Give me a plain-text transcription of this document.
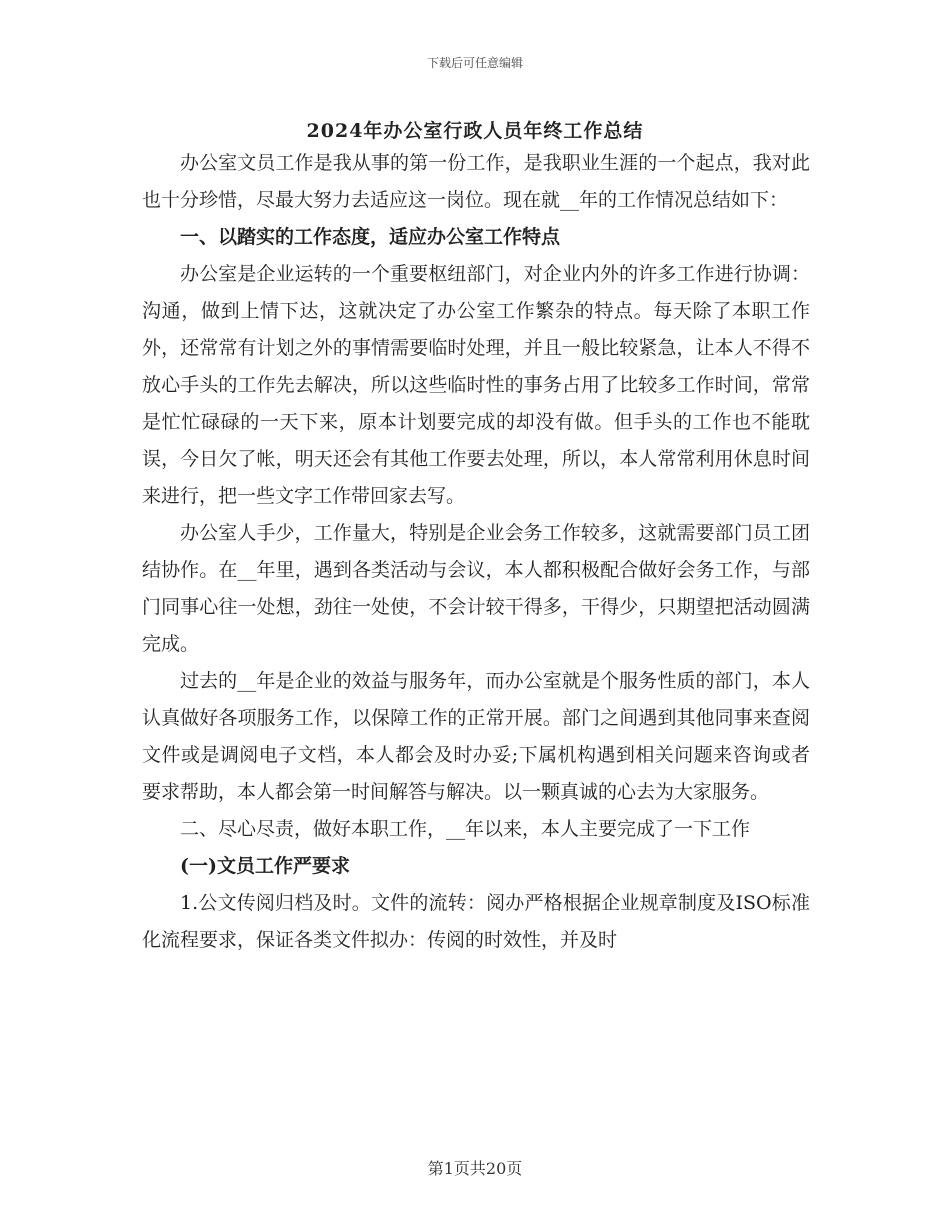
下载后可任意编辑
2024年办公室行政人员年终工作总结

办公室文员工作是我从事的第一份工作，是我职业生涯的一个起点，我对此也十分珍惜，尽最大努力去适应这一岗位。现在就__年的工作情况总结如下：

一、以踏实的工作态度，适应办公室工作特点

办公室是企业运转的一个重要枢纽部门，对企业内外的许多工作进行协调：沟通，做到上情下达，这就决定了办公室工作繁杂的特点。每天除了本职工作外，还常常有计划之外的事情需要临时处理，并且一般比较紧急，让本人不得不放心手头的工作先去解决，所以这些临时性的事务占用了比较多工作时间，常常是忙忙碌碌的一天下来，原本计划要完成的却没有做。但手头的工作也不能耽误，今日欠了帐，明天还会有其他工作要去处理，所以，本人常常利用休息时间来进行，把一些文字工作带回家去写。

办公室人手少，工作量大，特别是企业会务工作较多，这就需要部门员工团结协作。在__年里，遇到各类活动与会议，本人都积极配合做好会务工作，与部门同事心往一处想，劲往一处使，不会计较干得多，干得少，只期望把活动圆满完成。

过去的__年是企业的效益与服务年，而办公室就是个服务性质的部门，本人认真做好各项服务工作，以保障工作的正常开展。部门之间遇到其他同事来查阅文件或是调阅电子文档，本人都会及时办妥;下属机构遇到相关问题来咨询或者要求帮助，本人都会第一时间解答与解决。以一颗真诚的心去为大家服务。

二、尽心尽责，做好本职工作，__年以来，本人主要完成了一下工作

(一)文员工作严要求

1.公文传阅归档及时。文件的流转：阅办严格根据企业规章制度及ISO标准化流程要求，保证各类文件拟办：传阅的时效性，并及时

第1页共20页
